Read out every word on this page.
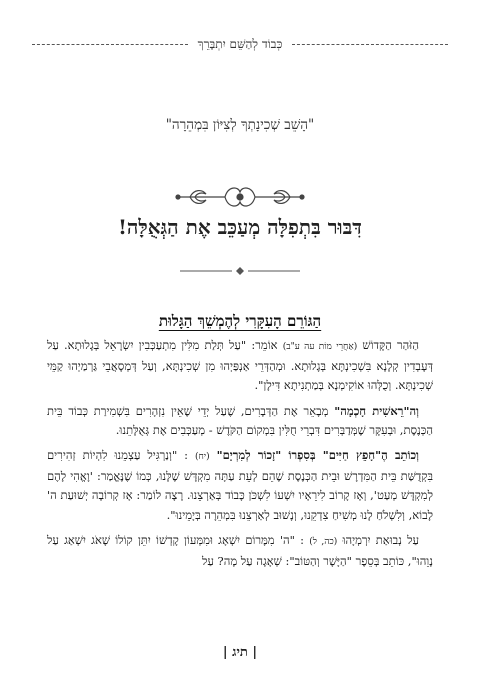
כְּבוֹד לְהַשֵּׁם יִתְבָּרֵךְ
"הָשֵׁב שְׁכִינָתְךָ לְצִיּוֹן בִּמְהֵרָה"
דִּבּוּר בִּתְפִלָּה מְעַכֵּב אֶת הַגְּאֻלָּה!
הַגּוֹרֵם הָעִקָּרִי לְהֶמְשֵׁךְ הַגָּלוּת

הַזֹּהַר הַקָּדוֹשׁ (אַחֲרֵי מוֹת עה ע"ב) אוֹמֵר: "עַל תְּלַת מִלִּין מִתְעַכְּבִין יִשְׂרָאֵל בְּגָלוּתָא. עַל דְּעָבְדִין קְלָנָא בִּשְׁכִינְתָּא בְּגָלוּתָא. וּמְהַדְּרֵי אַנְפַּיְהוּ מִן שְׁכִינְתָּא, וְעַל דְּמְסָאֲבֵי גַּרְמַיְהוּ קַמֵּי שְׁכִינְתָּא. וְכֻלְּהוּ אוֹקִימְנָא בְּמַתְנִיתָא דִּילָן".

וְה"רֵאשִׁית חָכְמָה" מְבָאֵר אֶת הַדְּבָרִים, שֶׁעַל יְדֵי שֶׁאֵין נִזְהָרִים בִּשְׁמִירַת כְּבוֹד בֵּית הַכְּנֶסֶת, וּבְעִקָּר שֶׁמְּדַבְּרִים דִּבְרֵי חֻלִּין בִּמְקוֹם הַקֹּדֶשׁ - מְעַכְּבִים אֶת גְּאֻלָּתֵנוּ.

וְכוֹתֵב הֶ"חָפֵץ חַיִּים" בְּסִפְרוֹ "זָכוֹר לְמִרְיָם" (יח) : "וְנַרְגִּיל עַצְמֵנוּ לִהְיוֹת זְהִירִים בִּקְדֻשַּׁת בֵּית הַמִּדְרָשׁ וּבֵית הַכְּנֶסֶת שֶׁהֵם לְעֵת עַתָּה מִקְדָּשׁ שֶׁלָּנוּ, כְּמוֹ שֶׁנֶּאֱמַר: 'וָאֱהִי לָהֶם לְמִקְדָּשׁ מְעַט', וְאָז קָרוֹב לִירֵאָיו יִשְׁעוֹ לִשְׁכֹּן כָּבוֹד בְּאַרְצֵנוּ. רָצָה לוֹמַר: אָז קְרוֹבָה יְשׁוּעַת ה' לָבוֹא, וְלִשְׁלֹחַ לָנוּ מְשִׁיחַ צִדְקֵנוּ, וְנָשׁוּב לְאַרְצֵנוּ בִּמְהֵרָה בְּיָמֵינוּ".

עַל נְבוּאַת יִרְמְיָהוּ (כה, ל) : "ה' מִמָּרוֹם יִשְׁאָג וּמִמְּעוֹן קָדְשׁוֹ יִתֵּן קוֹלוֹ שָׁאֹג יִשְׁאַג עַל נָוֵהוּ", כּוֹתֵב בְּסֵפֶר "הַיָּשָׁר וְהַטּוֹב": שְׁאָגָה עַל מָה? עַל

| תיג |
